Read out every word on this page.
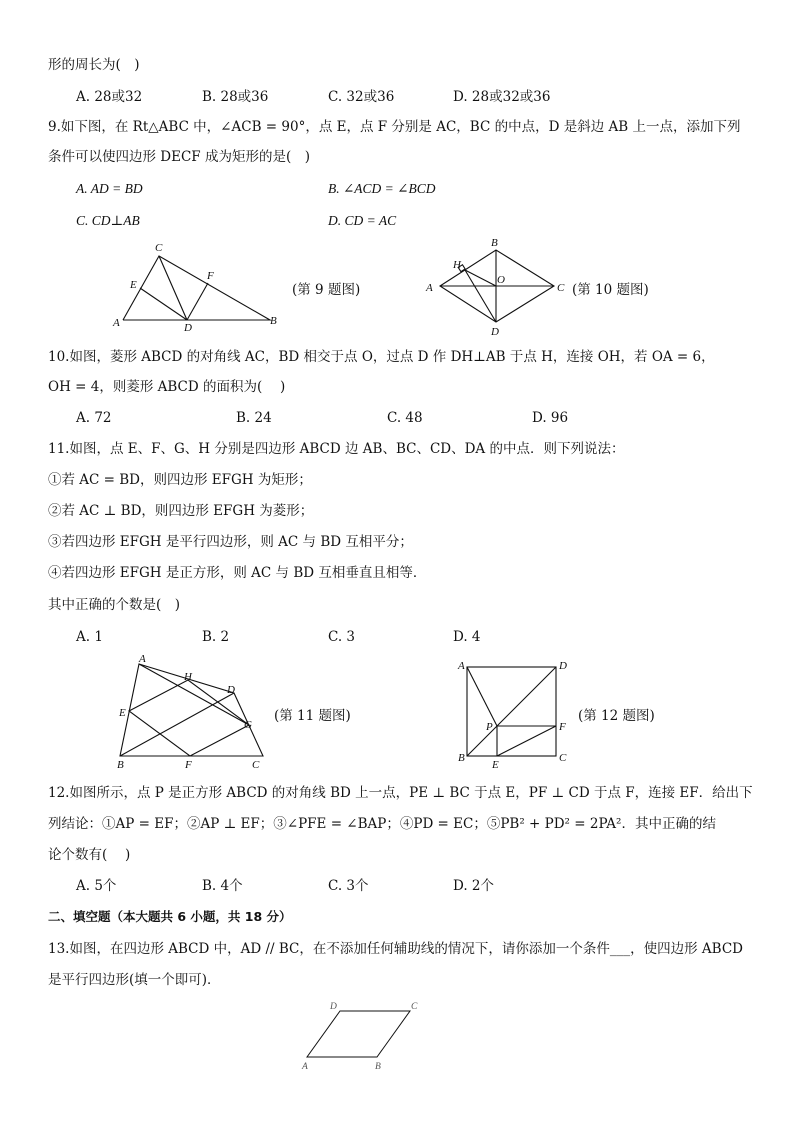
形的周长为(　)
A. 28或32	B. 28或36	C. 32或36	D. 28或32或36
9.如下图，在 Rt△ABC 中，∠ACB = 90°，点 E，点 F 分别是 AC，BC 的中点，D 是斜边 AB 上一点，添加下列
条件可以使四边形 DECF 成为矩形的是(　)
A. AD = BD	B. ∠ACD = ∠BCD
C. CD⊥AB	D. CD = AC
C
E
F
A	D
B
(第 9 题图)
B
H
O
A	C
D
(第 10 题图)
10.如图，菱形 ABCD 的对角线 AC，BD 相交于点 O，过点 D 作 DH⊥AB 于点 H，连接 OH，若 OA = 6，
OH = 4，则菱形 ABCD 的面积为(　 )
A. 72	B. 24	C. 48	D. 96
11.如图，点 E、F、G、H 分别是四边形 ABCD 边 AB、BC、CD、DA 的中点．则下列说法：
①若 AC = BD，则四边形 EFGH 为矩形；
②若 AC ⊥ BD，则四边形 EFGH 为菱形；
③若四边形 EFGH 是平行四边形，则 AC 与 BD 互相平分；
④若四边形 EFGH 是正方形，则 AC 与 BD 互相垂直且相等．
其中正确的个数是(　)
A. 1	B. 2	C. 3	D. 4
A
H
D
E
G
B	F	C
(第 11 题图)
A	D
P	F
B
E
C
(第 12 题图)
12.如图所示，点 P 是正方形 ABCD 的对角线 BD 上一点，PE ⊥ BC 于点 E，PF ⊥ CD 于点 F，连接 EF．给出下
列结论：①AP = EF；②AP ⊥ EF；③∠PFE = ∠BAP；④PD = EC；⑤PB² + PD² = 2PA²．其中正确的结
论个数有(　 )
A. 5个	B. 4个	C. 3个	D. 2个
二、填空题（本大题共 6 小题，共 18 分）
13.如图，在四边形 ABCD 中，AD // BC，在不添加任何辅助线的情况下，请你添加一个条件___，使四边形 ABCD
是平行四边形(填一个即可)．
D	C
A	B
